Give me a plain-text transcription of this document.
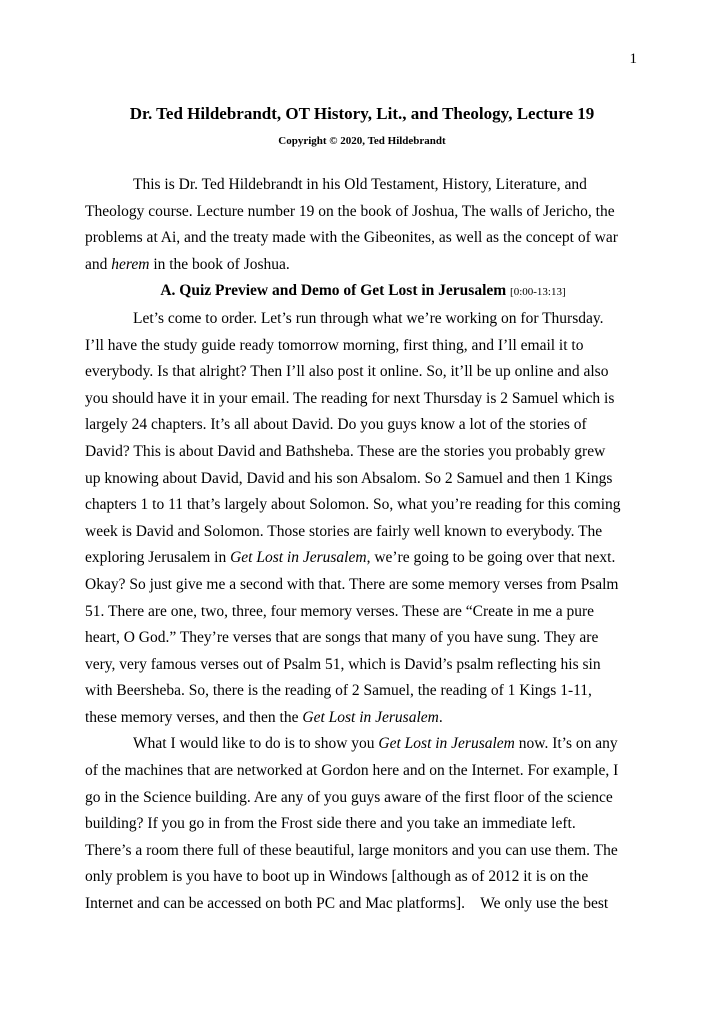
1
Dr. Ted Hildebrandt, OT History, Lit., and Theology, Lecture 19
Copyright © 2020, Ted Hildebrandt
This is Dr. Ted Hildebrandt in his Old Testament, History, Literature, and
Theology course. Lecture number 19 on the book of Joshua, The walls of Jericho, the
problems at Ai, and the treaty made with the Gibeonites, as well as the concept of war
and herem in the book of Joshua.
A. Quiz Preview and Demo of Get Lost in Jerusalem [0:00-13:13]
Let’s come to order. Let’s run through what we’re working on for Thursday.
I’ll have the study guide ready tomorrow morning, first thing, and I’ll email it to
everybody. Is that alright? Then I’ll also post it online. So, it’ll be up online and also
you should have it in your email. The reading for next Thursday is 2 Samuel which is
largely 24 chapters. It’s all about David. Do you guys know a lot of the stories of
David? This is about David and Bathsheba. These are the stories you probably grew
up knowing about David, David and his son Absalom. So 2 Samuel and then 1 Kings
chapters 1 to 11 that’s largely about Solomon. So, what you’re reading for this coming
week is David and Solomon. Those stories are fairly well known to everybody. The
exploring Jerusalem in Get Lost in Jerusalem, we’re going to be going over that next.
Okay? So just give me a second with that. There are some memory verses from Psalm
51. There are one, two, three, four memory verses. These are “Create in me a pure
heart, O God.” They’re verses that are songs that many of you have sung. They are
very, very famous verses out of Psalm 51, which is David’s psalm reflecting his sin
with Beersheba. So, there is the reading of 2 Samuel, the reading of 1 Kings 1-11,
these memory verses, and then the Get Lost in Jerusalem.
What I would like to do is to show you Get Lost in Jerusalem now. It’s on any
of the machines that are networked at Gordon here and on the Internet. For example, I
go in the Science building. Are any of you guys aware of the first floor of the science
building? If you go in from the Frost side there and you take an immediate left.
There’s a room there full of these beautiful, large monitors and you can use them. The
only problem is you have to boot up in Windows [although as of 2012 it is on the
Internet and can be accessed on both PC and Mac platforms].    We only use the best
